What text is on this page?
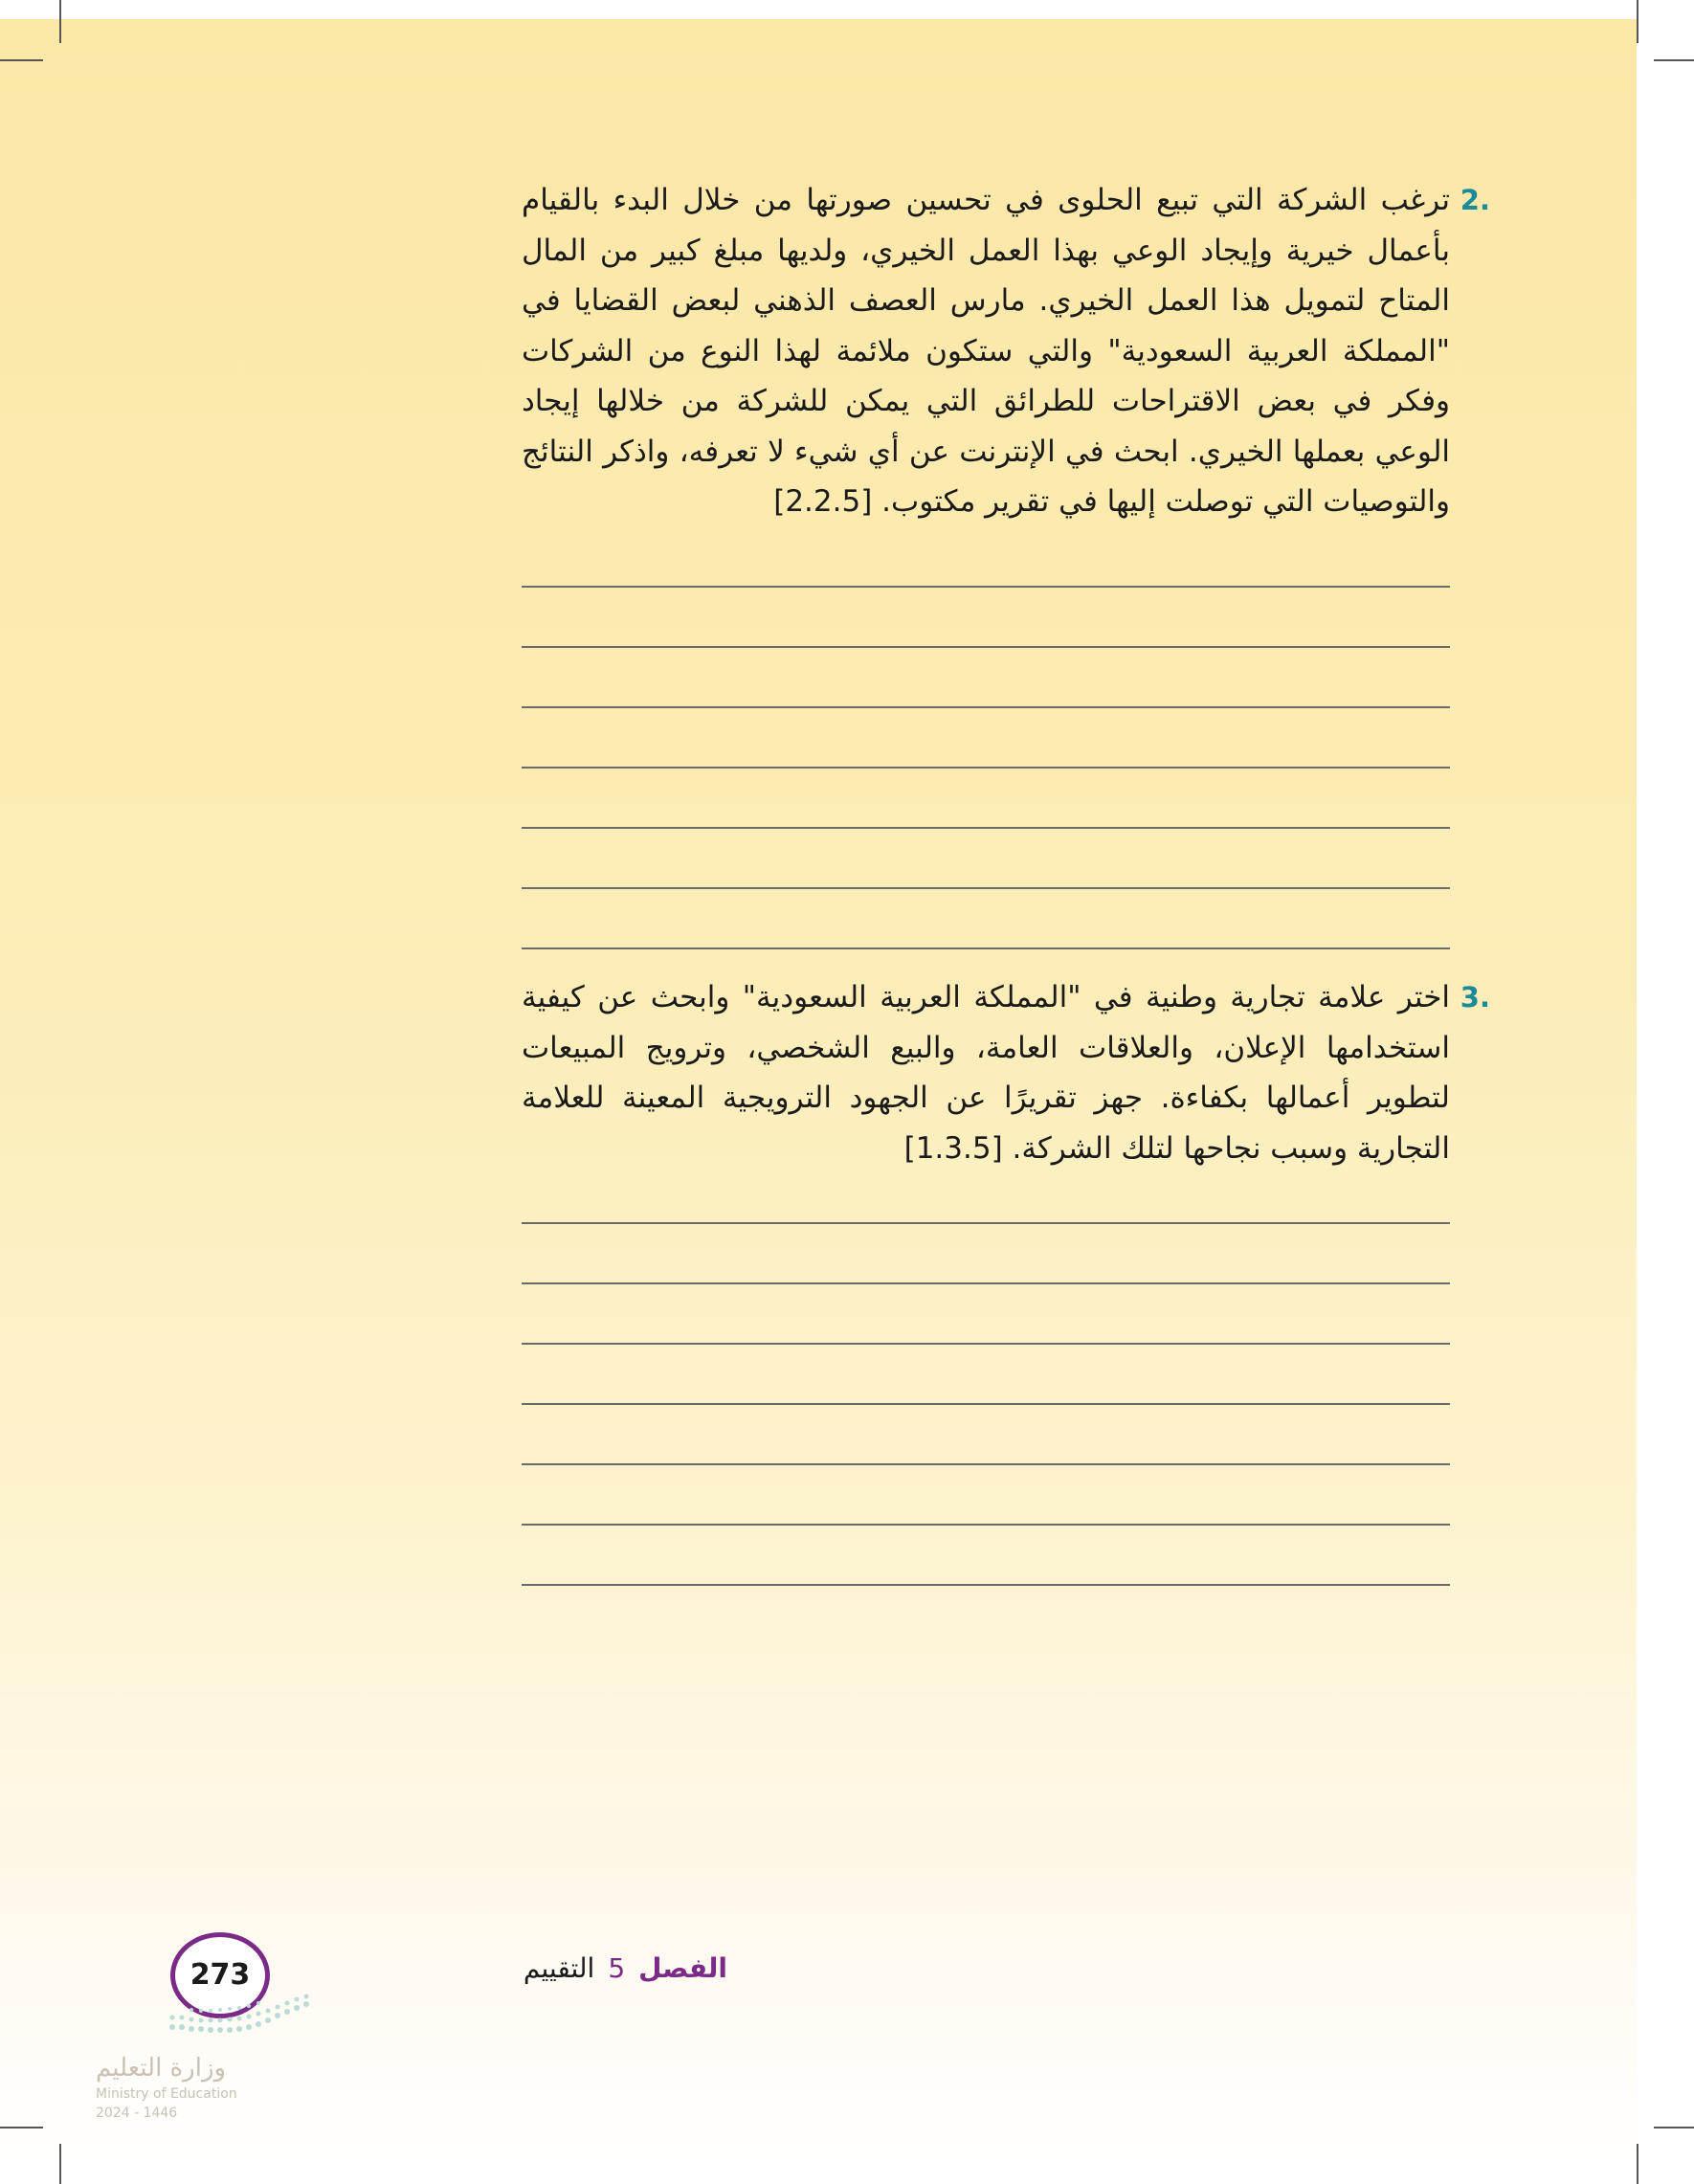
.2
ترغب الشركة التي تبيع الحلوى في تحسين صورتها من خلال البدء بالقيام بأعمال خيرية وإيجاد الوعي بهذا العمل الخيري، ولديها مبلغ كبير من المال المتاح لتمويل هذا العمل الخيري. مارس العصف الذهني لبعض القضايا في "المملكة العربية السعودية" والتي ستكون ملائمة لهذا النوع من الشركات وفكر في بعض الاقتراحات للطرائق التي يمكن للشركة من خلالها إيجاد الوعي بعملها الخيري. ابحث في الإنترنت عن أي شيء لا تعرفه، واذكر النتائج والتوصيات التي توصلت إليها في تقرير مكتوب. [2.2.5]
.3
اختر علامة تجارية وطنية في "المملكة العربية السعودية" وابحث عن كيفية استخدامها الإعلان، والعلاقات العامة، والبيع الشخصي، وترويج المبيعات لتطوير أعمالها بكفاءة. جهز تقريرًا عن الجهود الترويجية المعينة للعلامة التجارية وسبب نجاحها لتلك الشركة. [1.3.5]
الفصل
5
التقييم
273
وزارة التعليم
Ministry of Education
2024 - 1446
